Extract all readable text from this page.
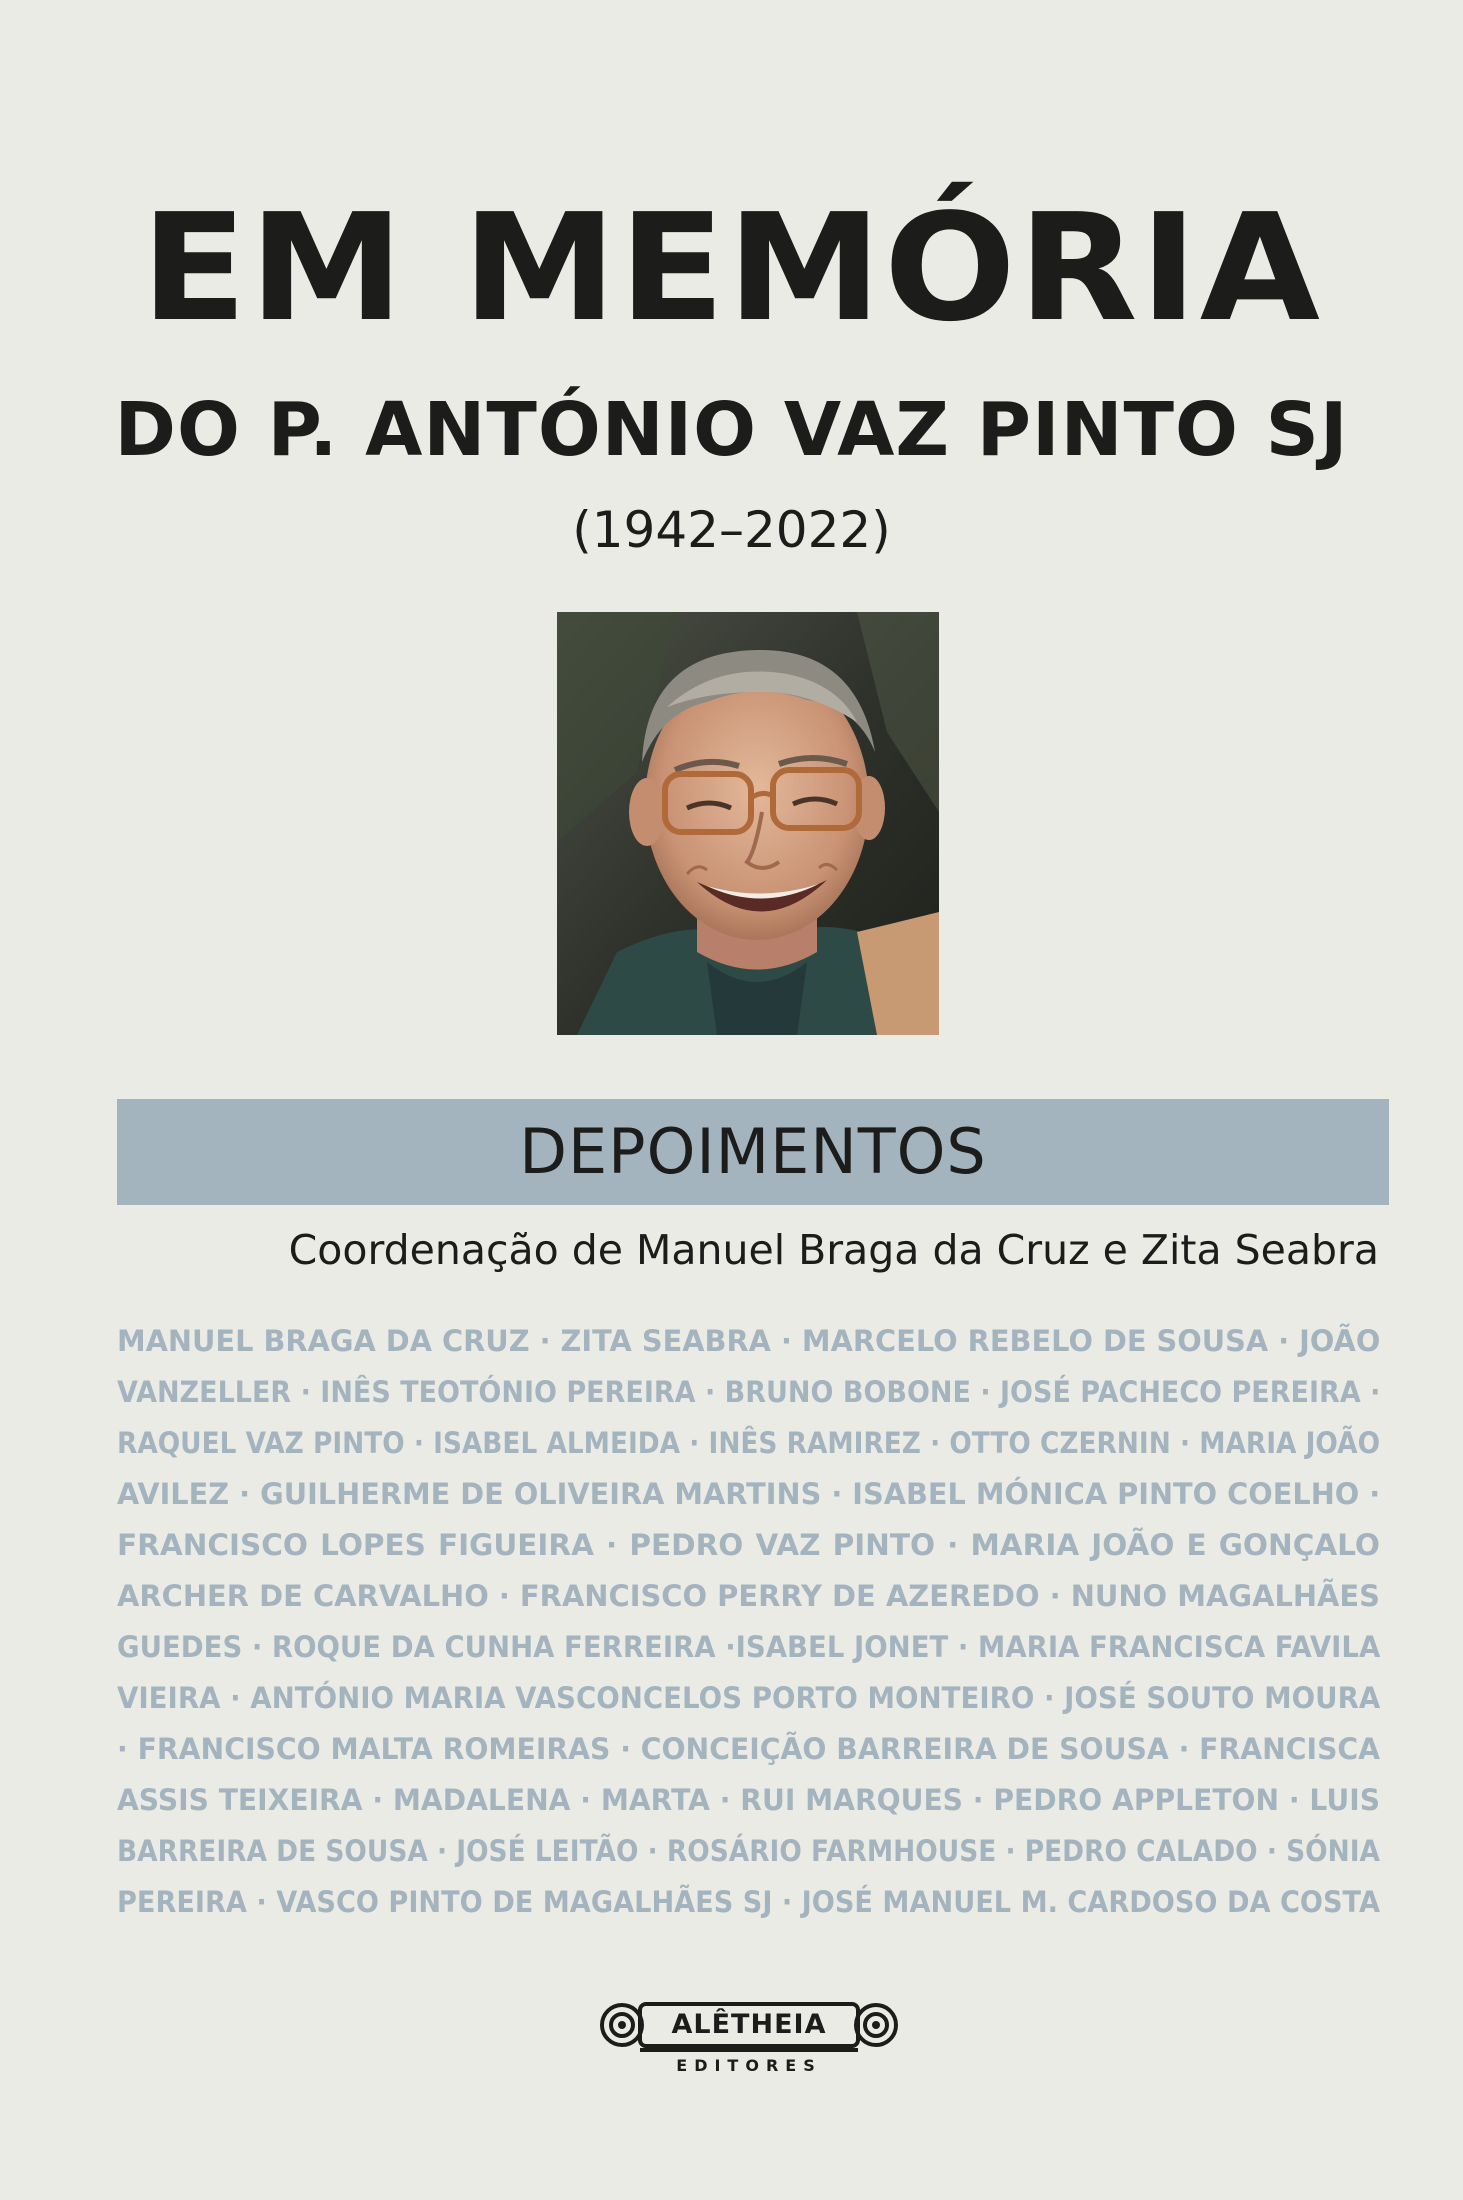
EM MEMÓRIA
DO P. ANTÓNIO VAZ PINTO SJ
(1942–2022)
DEPOIMENTOS
Coordenação de Manuel Braga da Cruz e Zita Seabra
MANUEL BRAGA DA CRUZ · ZITA SEABRA · MARCELO REBELO DE SOUSA · JOÃO
VANZELLER · INÊS TEOTÓNIO PEREIRA · BRUNO BOBONE · JOSÉ PACHECO PEREIRA ·
RAQUEL VAZ PINTO · ISABEL ALMEIDA · INÊS RAMIREZ · OTTO CZERNIN · MARIA JOÃO
AVILEZ · GUILHERME DE OLIVEIRA MARTINS · ISABEL MÓNICA PINTO COELHO ·
FRANCISCO LOPES FIGUEIRA · PEDRO VAZ PINTO · MARIA JOÃO E GONÇALO
ARCHER DE CARVALHO · FRANCISCO PERRY DE AZEREDO · NUNO MAGALHÃES
GUEDES · ROQUE DA CUNHA FERREIRA ·ISABEL JONET · MARIA FRANCISCA FAVILA
VIEIRA · ANTÓNIO MARIA VASCONCELOS PORTO MONTEIRO · JOSÉ SOUTO MOURA
· FRANCISCO MALTA ROMEIRAS · CONCEIÇÃO BARREIRA DE SOUSA · FRANCISCA
ASSIS TEIXEIRA · MADALENA · MARTA · RUI MARQUES · PEDRO APPLETON · LUIS
BARREIRA DE SOUSA · JOSÉ LEITÃO · ROSÁRIO FARMHOUSE · PEDRO CALADO · SÓNIA
PEREIRA · VASCO PINTO DE MAGALHÃES SJ · JOSÉ MANUEL M. CARDOSO DA COSTA
ALÊTHEIA
EDITORES
